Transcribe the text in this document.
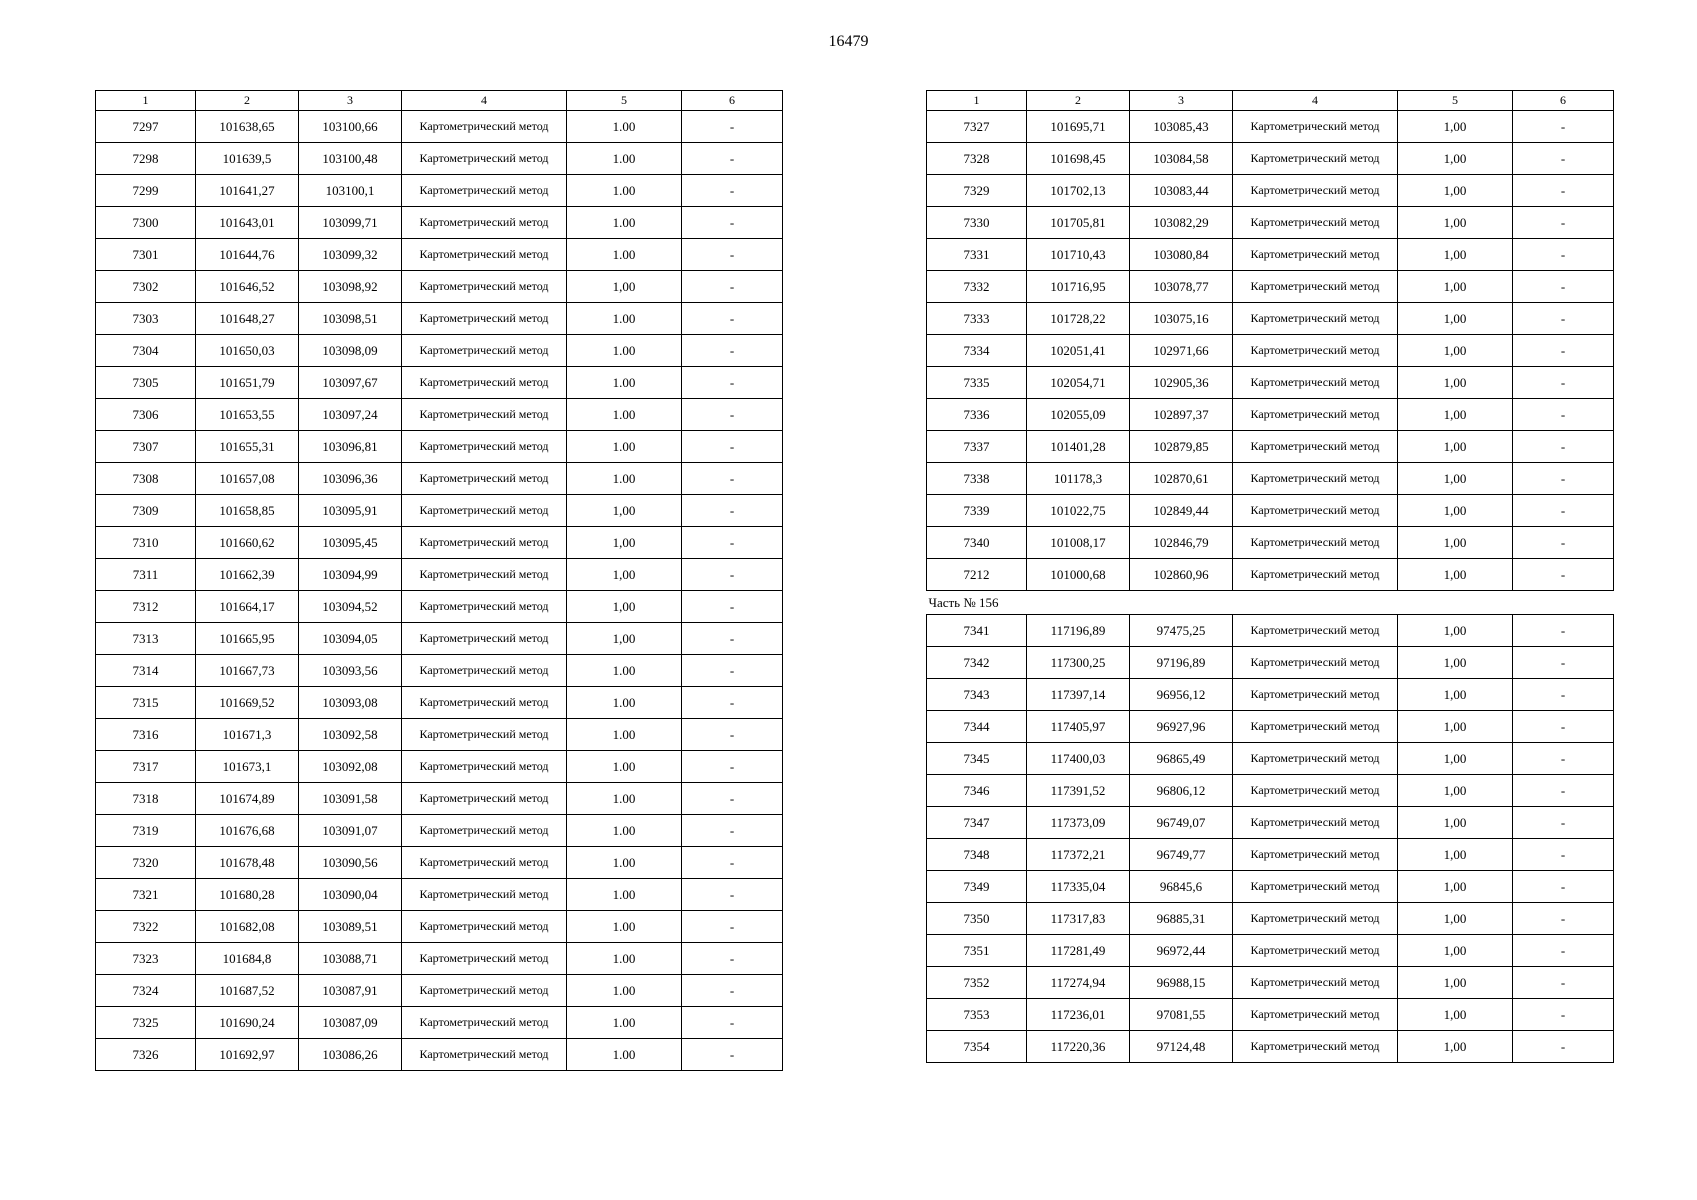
16479
1	2	3	4	5	6
7297	101638,65	103100,66	Картометрический метод	1.00	-
7298	101639,5	103100,48	Картометрический метод	1.00	-
7299	101641,27	103100,1	Картометрический метод	1.00	-
7300	101643,01	103099,71	Картометрический метод	1.00	-
7301	101644,76	103099,32	Картометрический метод	1.00	-
7302	101646,52	103098,92	Картометрический метод	1,00	-
7303	101648,27	103098,51	Картометрический метод	1.00	-
7304	101650,03	103098,09	Картометрический метод	1.00	-
7305	101651,79	103097,67	Картометрический метод	1.00	-
7306	101653,55	103097,24	Картометрический метод	1.00	-
7307	101655,31	103096,81	Картометрический метод	1.00	-
7308	101657,08	103096,36	Картометрический метод	1.00	-
7309	101658,85	103095,91	Картометрический метод	1,00	-
7310	101660,62	103095,45	Картометрический метод	1,00	-
7311	101662,39	103094,99	Картометрический метод	1,00	-
7312	101664,17	103094,52	Картометрический метод	1,00	-
7313	101665,95	103094,05	Картометрический метод	1,00	-
7314	101667,73	103093,56	Картометрический метод	1.00	-
7315	101669,52	103093,08	Картометрический метод	1.00	-
7316	101671,3	103092,58	Картометрический метод	1.00	-
7317	101673,1	103092,08	Картометрический метод	1.00	-
7318	101674,89	103091,58	Картометрический метод	1.00	-
7319	101676,68	103091,07	Картометрический метод	1.00	-
7320	101678,48	103090,56	Картометрический метод	1.00	-
7321	101680,28	103090,04	Картометрический метод	1.00	-
7322	101682,08	103089,51	Картометрический метод	1.00	-
7323	101684,8	103088,71	Картометрический метод	1.00	-
7324	101687,52	103087,91	Картометрический метод	1.00	-
7325	101690,24	103087,09	Картометрический метод	1.00	-
7326	101692,97	103086,26	Картометрический метод	1.00	-
1	2	3	4	5	6
7327	101695,71	103085,43	Картометрический метод	1,00	-
7328	101698,45	103084,58	Картометрический метод	1,00	-
7329	101702,13	103083,44	Картометрический метод	1,00	-
7330	101705,81	103082,29	Картометрический метод	1,00	-
7331	101710,43	103080,84	Картометрический метод	1,00	-
7332	101716,95	103078,77	Картометрический метод	1,00	-
7333	101728,22	103075,16	Картометрический метод	1,00	-
7334	102051,41	102971,66	Картометрический метод	1,00	-
7335	102054,71	102905,36	Картометрический метод	1,00	-
7336	102055,09	102897,37	Картометрический метод	1,00	-
7337	101401,28	102879,85	Картометрический метод	1,00	-
7338	101178,3	102870,61	Картометрический метод	1,00	-
7339	101022,75	102849,44	Картометрический метод	1,00	-
7340	101008,17	102846,79	Картометрический метод	1,00	-
7212	101000,68	102860,96	Картометрический метод	1,00	-
Часть № 156					
7341	117196,89	97475,25	Картометрический метод	1,00	-
7342	117300,25	97196,89	Картометрический метод	1,00	-
7343	117397,14	96956,12	Картометрический метод	1,00	-
7344	117405,97	96927,96	Картометрический метод	1,00	-
7345	117400,03	96865,49	Картометрический метод	1,00	-
7346	117391,52	96806,12	Картометрический метод	1,00	-
7347	117373,09	96749,07	Картометрический метод	1,00	-
7348	117372,21	96749,77	Картометрический метод	1,00	-
7349	117335,04	96845,6	Картометрический метод	1,00	-
7350	117317,83	96885,31	Картометрический метод	1,00	-
7351	117281,49	96972,44	Картометрический метод	1,00	-
7352	117274,94	96988,15	Картометрический метод	1,00	-
7353	117236,01	97081,55	Картометрический метод	1,00	-
7354	117220,36	97124,48	Картометрический метод	1,00	-
